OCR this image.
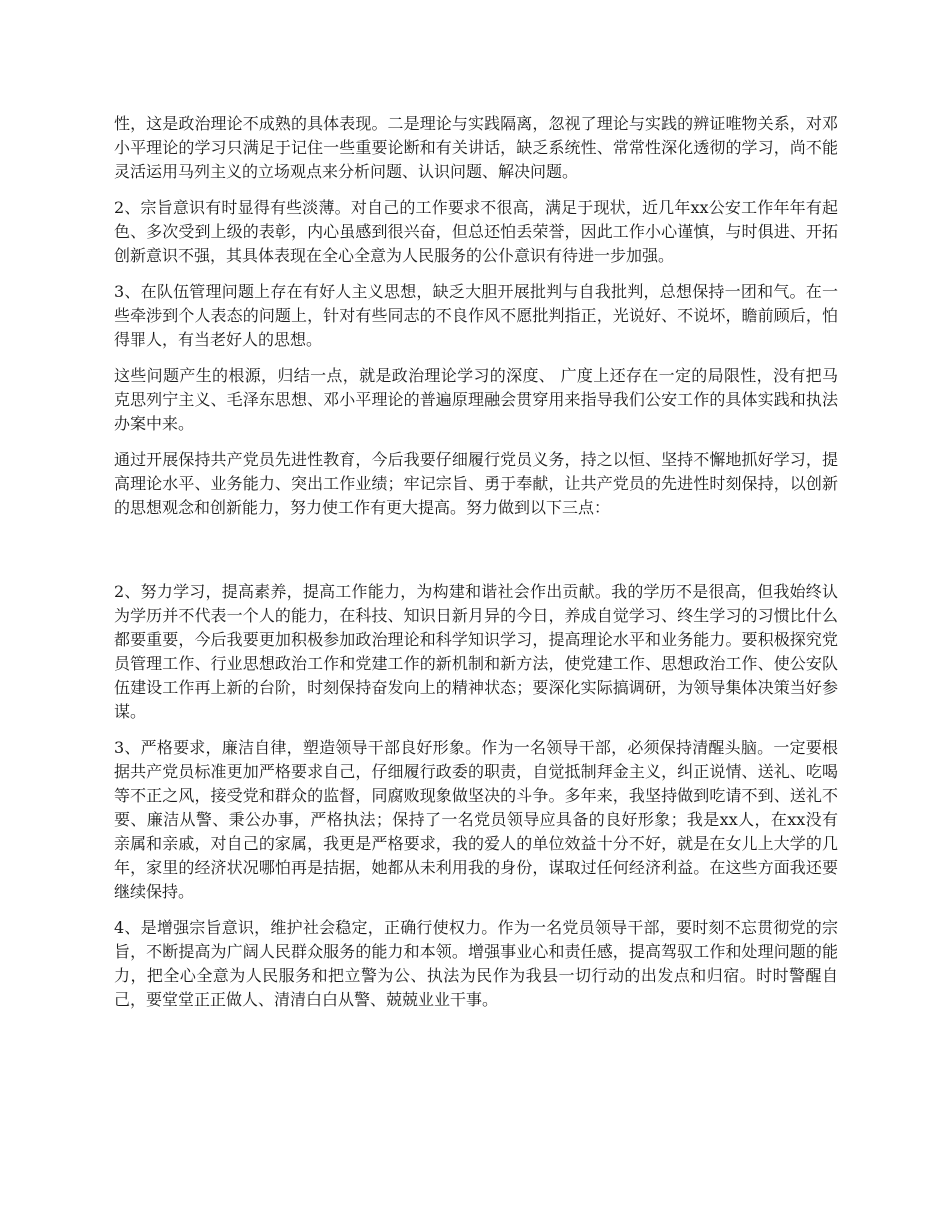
性，这是政治理论不成熟的具体表现。二是理论与实践隔离，忽视了理论与实践的辨证唯物关系，对邓小平理论的学习只满足于记住一些重要论断和有关讲话，缺乏系统性、常常性深化透彻的学习，尚不能灵活运用马列主义的立场观点来分析问题、认识问题、解决问题。

2、宗旨意识有时显得有些淡薄。对自己的工作要求不很高，满足于现状，近几年xx公安工作年年有起色、多次受到上级的表彰，内心虽感到很兴奋，但总还怕丢荣誉，因此工作小心谨慎，与时俱进、开拓创新意识不强，其具体表现在全心全意为人民服务的公仆意识有待进一步加强。

3、在队伍管理问题上存在有好人主义思想，缺乏大胆开展批判与自我批判，总想保持一团和气。在一些牵涉到个人表态的问题上，针对有些同志的不良作风不愿批判指正，光说好、不说坏，瞻前顾后，怕得罪人，有当老好人的思想。

这些问题产生的根源，归结一点，就是政治理论学习的深度、 广度上还存在一定的局限性，没有把马克思列宁主义、毛泽东思想、邓小平理论的普遍原理融会贯穿用来指导我们公安工作的具体实践和执法办案中来。

通过开展保持共产党员先进性教育，今后我要仔细履行党员义务，持之以恒、坚持不懈地抓好学习，提高理论水平、业务能力、突出工作业绩；牢记宗旨、勇于奉献，让共产党员的先进性时刻保持，以创新的思想观念和创新能力，努力使工作有更大提高。努力做到以下三点：

2、努力学习，提高素养，提高工作能力，为构建和谐社会作出贡献。我的学历不是很高，但我始终认为学历并不代表一个人的能力，在科技、知识日新月异的今日，养成自觉学习、终生学习的习惯比什么都要重要，今后我要更加积极参加政治理论和科学知识学习，提高理论水平和业务能力。要积极探究党员管理工作、行业思想政治工作和党建工作的新机制和新方法，使党建工作、思想政治工作、使公安队伍建设工作再上新的台阶，时刻保持奋发向上的精神状态；要深化实际搞调研，为领导集体决策当好参谋。

3、严格要求，廉洁自律，塑造领导干部良好形象。作为一名领导干部，必须保持清醒头脑。一定要根据共产党员标准更加严格要求自己，仔细履行政委的职责，自觉抵制拜金主义，纠正说情、送礼、吃喝等不正之风，接受党和群众的监督，同腐败现象做坚决的斗争。多年来，我坚持做到吃请不到、送礼不要、廉洁从警、秉公办事，严格执法；保持了一名党员领导应具备的良好形象；我是xx人，在xx没有亲属和亲戚，对自己的家属，我更是严格要求，我的爱人的单位效益十分不好，就是在女儿上大学的几年，家里的经济状况哪怕再是拮据，她都从未利用我的身份，谋取过任何经济利益。在这些方面我还要继续保持。

4、是增强宗旨意识，维护社会稳定，正确行使权力。作为一名党员领导干部，要时刻不忘贯彻党的宗旨，不断提高为广阔人民群众服务的能力和本领。增强事业心和责任感，提高驾驭工作和处理问题的能力，把全心全意为人民服务和把立警为公、执法为民作为我县一切行动的出发点和归宿。时时警醒自己，要堂堂正正做人、清清白白从警、兢兢业业干事。
